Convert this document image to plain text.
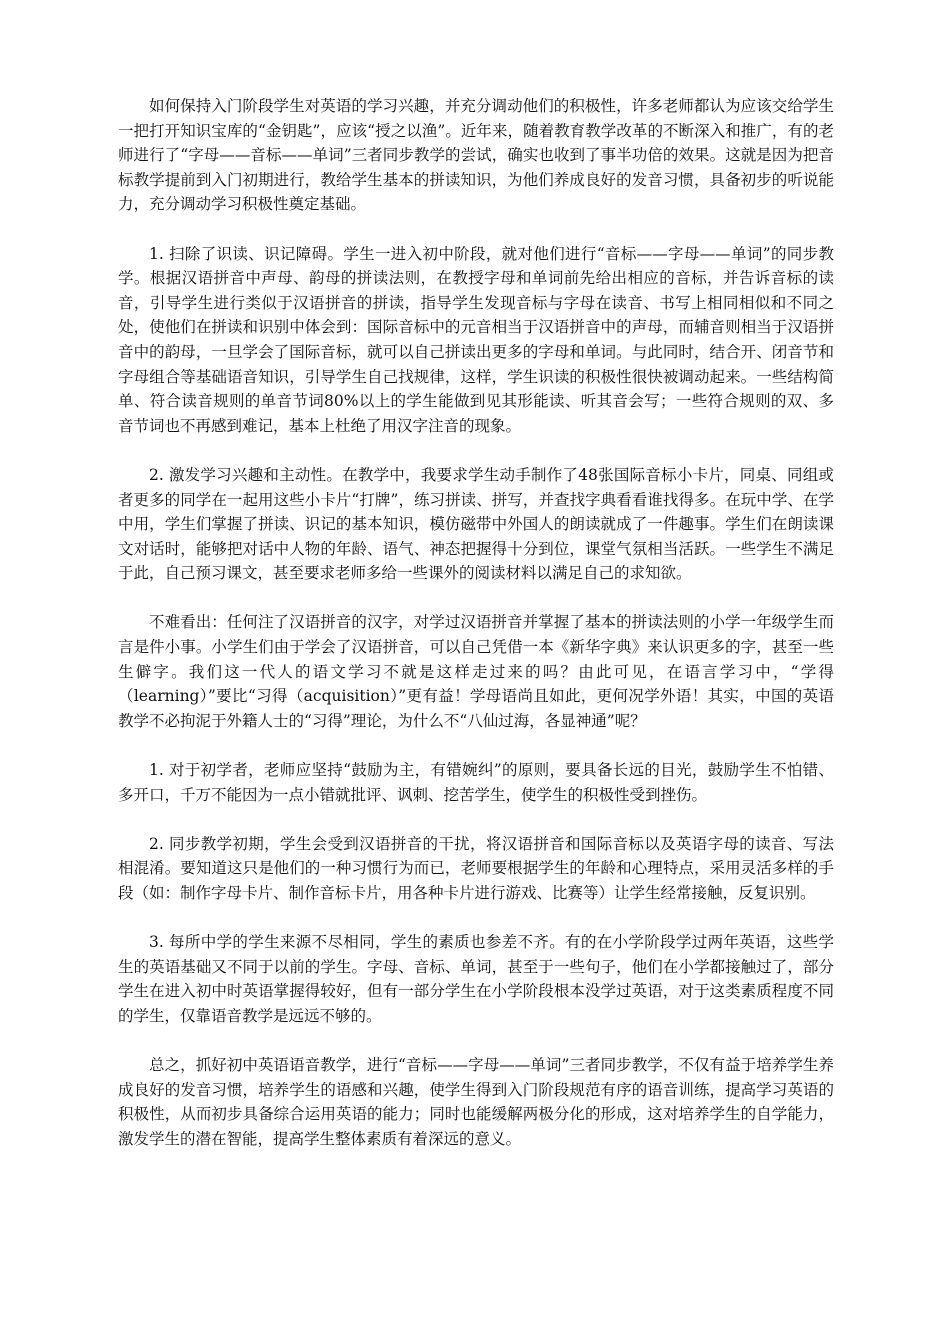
如何保持入门阶段学生对英语的学习兴趣，并充分调动他们的积极性，许多老师都认为应该交给学生一把打开知识宝库的“金钥匙”，应该“授之以渔”。近年来，随着教育教学改革的不断深入和推广，有的老师进行了“字母——音标——单词”三者同步教学的尝试，确实也收到了事半功倍的效果。这就是因为把音标教学提前到入门初期进行，教给学生基本的拼读知识，为他们养成良好的发音习惯，具备初步的听说能力，充分调动学习积极性奠定基础。

1. 扫除了识读、识记障碍。学生一进入初中阶段，就对他们进行“音标——字母——单词”的同步教学。根据汉语拼音中声母、韵母的拼读法则，在教授字母和单词前先给出相应的音标，并告诉音标的读音，引导学生进行类似于汉语拼音的拼读，指导学生发现音标与字母在读音、书写上相同相似和不同之处，使他们在拼读和识别中体会到：国际音标中的元音相当于汉语拼音中的声母，而辅音则相当于汉语拼音中的韵母，一旦学会了国际音标，就可以自己拼读出更多的字母和单词。与此同时，结合开、闭音节和字母组合等基础语音知识，引导学生自己找规律，这样，学生识读的积极性很快被调动起来。一些结构简单、符合读音规则的单音节词80%以上的学生能做到见其形能读、听其音会写；一些符合规则的双、多音节词也不再感到难记，基本上杜绝了用汉字注音的现象。

2. 激发学习兴趣和主动性。在教学中，我要求学生动手制作了48张国际音标小卡片，同桌、同组或者更多的同学在一起用这些小卡片“打牌”，练习拼读、拼写，并查找字典看看谁找得多。在玩中学、在学中用，学生们掌握了拼读、识记的基本知识，模仿磁带中外国人的朗读就成了一件趣事。学生们在朗读课文对话时，能够把对话中人物的年龄、语气、神态把握得十分到位，课堂气氛相当活跃。一些学生不满足于此，自己预习课文，甚至要求老师多给一些课外的阅读材料以满足自己的求知欲。

不难看出：任何注了汉语拼音的汉字，对学过汉语拼音并掌握了基本的拼读法则的小学一年级学生而言是件小事。小学生们由于学会了汉语拼音，可以自己凭借一本《新华字典》来认识更多的字，甚至一些生僻字。我们这一代人的语文学习不就是这样走过来的吗？由此可见，在语言学习中，“学得（learning）”要比“习得（acquisition）”更有益！学母语尚且如此，更何况学外语！其实，中国的英语教学不必拘泥于外籍人士的“习得”理论，为什么不“八仙过海，各显神通”呢？

1. 对于初学者，老师应坚持“鼓励为主，有错婉纠”的原则，要具备长远的目光，鼓励学生不怕错、多开口，千万不能因为一点小错就批评、讽刺、挖苦学生，使学生的积极性受到挫伤。

2. 同步教学初期，学生会受到汉语拼音的干扰，将汉语拼音和国际音标以及英语字母的读音、写法相混淆。要知道这只是他们的一种习惯行为而已，老师要根据学生的年龄和心理特点，采用灵活多样的手段（如：制作字母卡片、制作音标卡片，用各种卡片进行游戏、比赛等）让学生经常接触，反复识别。

3. 每所中学的学生来源不尽相同，学生的素质也参差不齐。有的在小学阶段学过两年英语，这些学生的英语基础又不同于以前的学生。字母、音标、单词，甚至于一些句子，他们在小学都接触过了，部分学生在进入初中时英语掌握得较好，但有一部分学生在小学阶段根本没学过英语，对于这类素质程度不同的学生，仅靠语音教学是远远不够的。

总之，抓好初中英语语音教学，进行“音标——字母——单词”三者同步教学，不仅有益于培养学生养成良好的发音习惯，培养学生的语感和兴趣，使学生得到入门阶段规范有序的语音训练，提高学习英语的积极性，从而初步具备综合运用英语的能力；同时也能缓解两极分化的形成，这对培养学生的自学能力，激发学生的潜在智能，提高学生整体素质有着深远的意义。
